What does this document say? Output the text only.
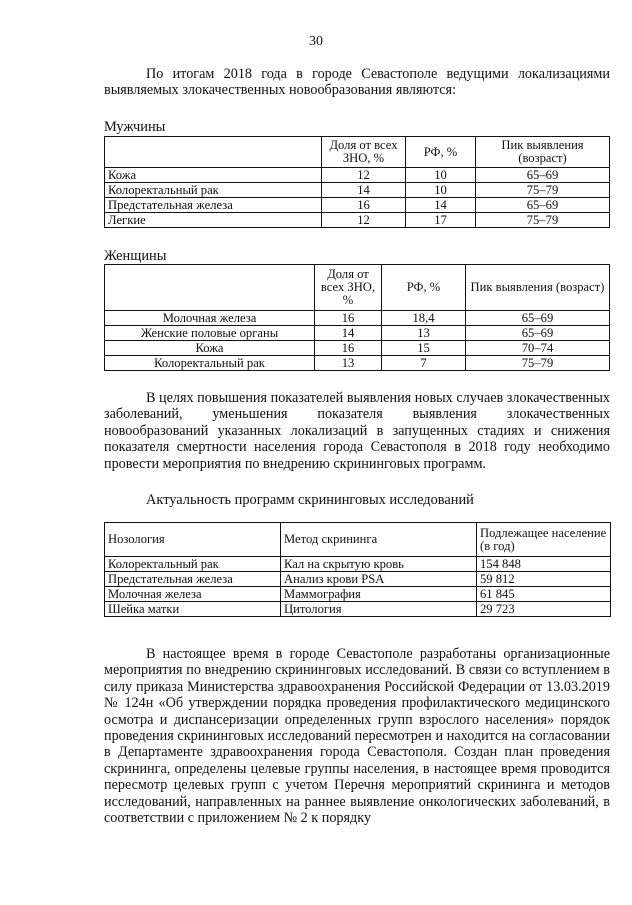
30
По итогам 2018 года в городе Севастополе ведущими локализациями выявляемых злокачественных новообразования являются:
Мужчины
	Доля от всех ЗНО, %	РФ, %	Пик выявления (возраст)
Кожа	12	10	65–69
Колоректальный рак	14	10	75–79
Предстательная железа	16	14	65–69
Легкие	12	17	75–79
Женщины
	Доля от всех ЗНО, %	РФ, %	Пик выявления (возраст)
Молочная железа	16	18,4	65–69
Женские половые органы	14	13	65–69
Кожа	16	15	70–74
Колоректальный рак	13	7	75–79
В целях повышения показателей выявления новых случаев злокачественных заболеваний, уменьшения показателя выявления злокачественных новообразований указанных локализаций в запущенных стадиях и снижения показателя смертности населения города Севастополя в 2018 году необходимо провести мероприятия по внедрению скрининговых программ.
Актуальность программ скрининговых исследований
Нозология	Метод скрининга	Подлежащее население (в год)
Колоректальный рак	Кал на скрытую кровь	154 848
Предстательная железа	Анализ крови PSA	59 812
Молочная железа	Маммография	61 845
Шейка матки	Цитология	29 723
В настоящее время в городе Севастополе разработаны организационные мероприятия по внедрению скрининговых исследований. В связи со вступлением в силу приказа Министерства здравоохранения Российской Федерации от 13.03.2019 № 124н «Об утверждении порядка проведения профилактического медицинского осмотра и диспансеризации определенных групп взрослого населения» порядок проведения скрининговых исследований пересмотрен и находится на согласовании в Департаменте здравоохранения города Севастополя. Создан план проведения скрининга, определены целевые группы населения, в настоящее время проводится пересмотр целевых групп с учетом Перечня мероприятий скрининга и методов исследований, направленных на раннее выявление онкологических заболеваний, в соответствии с приложением № 2 к порядку
